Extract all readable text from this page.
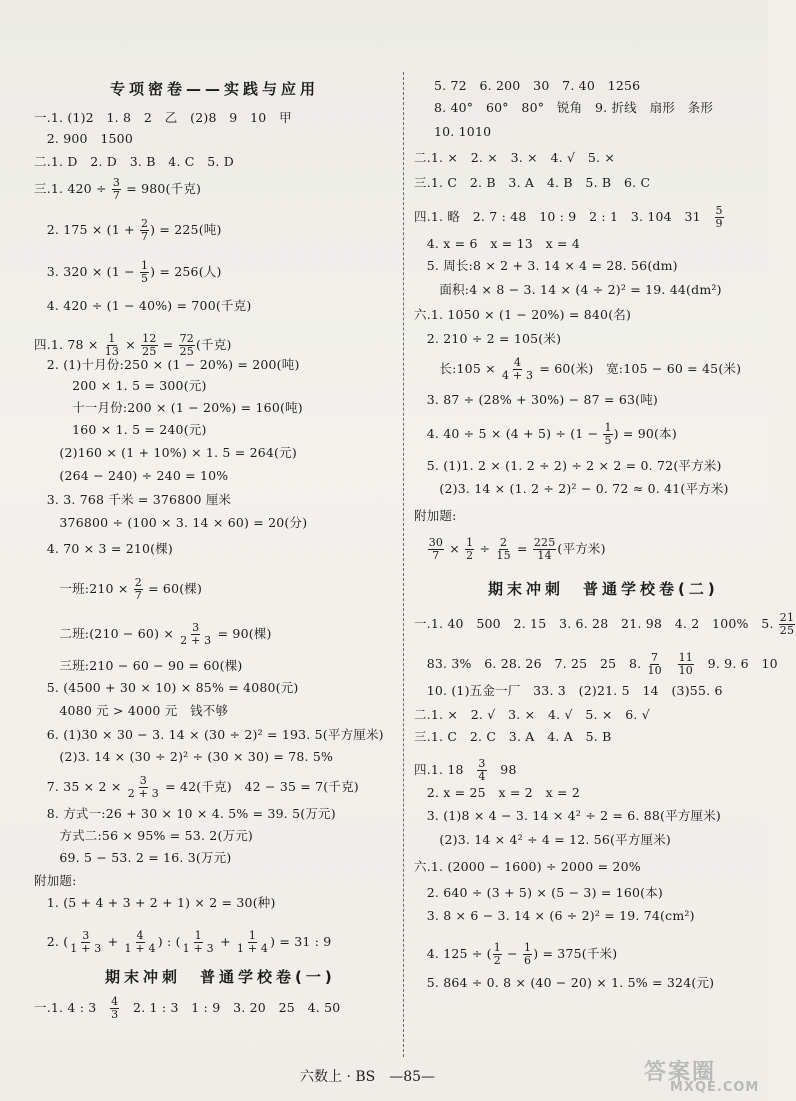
专项密卷——实践与应用
一.1. (1)2　1. 8　2　乙　(2)8　9　10　甲
　2. 900　1500
二.1. D　2. D　3. B　4. C　5. D
三.1. $420 \div \frac{3}{7} = 980$(千克)
　2. $175 \times (1 + \frac{2}{7}$ ) = 225(吨)
　3. $320 \times (1 - \frac{1}{5}$ ) = 256(人)
　4. 420 ÷ (1 − 40%) = 700(千克)
四.1. $78 \times \frac{1}{13} \times \frac{12}{25} = \frac{72}{25}$ (千克)
　2. (1)十月份:250 × (1 − 20%) = 200(吨)
　　　200 × 1. 5 = 300(元)
　　　十一月份:200 × (1 − 20%) = 160(吨)
　　　160 × 1. 5 = 240(元)
　　(2)160 × (1 + 10%) × 1. 5 = 264(元)
　　(264 − 240) ÷ 240 = 10%
　3. 3. 768 千米 = 376800 厘米
　　376800 ÷ (100 × 3. 14 × 60) = 20(分)
　4. 70 × 3 = 210(棵)
　　一班:210 × $\frac{2}{7} = 60$(棵)
　　二班:(210 − $60) \times \frac{3}{2 + 3} = 90$(棵)
　　三班:210 − 60 − 90 = 60(棵)
　5. (4500 + 30 × 10) × 85% = 4080(元)
　　4080 元 > 4000 元　钱不够
　6. (1)30 × 30 − 3. 14 × (30 ÷ 2)² = 193. 5(平方厘米)
　　(2)3. 14 × (30 ÷ 2)² ÷ (30 × 30) = 78. 5%
　7. $35 \times 2 \times \frac{3}{2 + 3} = 42$(千克)　42 − 35 = 7(千克)
　8. 方式一:26 + 30 × 10 × 4. 5% = 39. 5(万元)
　　方式二:56 × 95% = 53. 2(万元)
　　69. 5 − 53. 2 = 16. 3(万元)
附加题:
　1. (5 + 4 + 3 + 2 + 1) × 2 = 30(种)
　2. ( $\frac{3}{1 + 3} + \frac{4}{1 + 4}$ ) : ( $\frac{1}{1 + 3} + \frac{1}{1 + 4}$ ) = 31 : 9
期末冲刺　普通学校卷(一)
一.1. 4 : 3　 $\frac{4}{3}$ 　2. 1 : 3　1 : 9　3. 20　25　4. 50
5. 72　6. 200　30　7. 40　1256
8. 40°　60°　80°　锐角　9. 折线　扇形　条形
10. 1010
二.1. ×　2. ×　3. ×　4. √　5. ×
三.1. C　2. B　3. A　4. B　5. B　6. C
四.1. 略　2. 7 : 48　10 : 9　2 : 1　3. 104　31　 $\frac{5}{9}$
　4. x = 6　x = 13　x = 4
　5. 周长:8 × 2 + 3. 14 × 4 = 28. 56(dm)
　　面积:4 × 8 − 3. 14 × (4 ÷ 2)² = 19. 44(dm²)
六.1. 1050 × (1 − 20%) = 840(名)
　2. 210 ÷ 2 = 105(米)
　　长:105 × $\frac{4}{4 + 3} = 60$(米)　宽:105 − 60 = 45(米)
　3. 87 ÷ (28% + 30%) − 87 = 63(吨)
　4. $40 \div 5 \times (4 + 5) \div (1 - \frac{1}{5}$ ) = 90(本)
　5. (1)1. 2 × (1. 2 ÷ 2) ÷ 2 × 2 = 0. 72(平方米)
　　(2)3. 14 × (1. 2 ÷ 2)² − 0. 72 ≈ 0. 41(平方米)
附加题:

$\frac{30}{7} \times \frac{1}{2} \div \frac{2}{15} = \frac{225}{14}$ (平方米)
期末冲刺　普通学校卷(二)
一.1. 40　500　2. 15　3. 6. 28　21. 98　4. 2　100%　5. $\frac{21}{25}$
　83. 3%　6. 28. 26　7. 25　25　8. $\frac{7}{10}$
　 $\frac{11}{10}$ 　9. 9. 6　10
　10. (1)五金一厂　33. 3　(2)21. 5　14　(3)55. 6
二.1. ×　2. √　3. ×　4. √　5. ×　6. √
三.1. C　2. C　3. A　4. A　5. B
四.1. 18　 $\frac{3}{4}$ 　98
　2. x = 25　x = 2　x = 2
　3. (1)8 × 4 − 3. 14 × 4² ÷ 2 = 6. 88(平方厘米)
　　(2)3. 14 × 4² ÷ 4 = 12. 56(平方厘米)
六.1. (2000 − 1600) ÷ 2000 = 20%
　2. 640 ÷ (3 + 5) × (5 − 3) = 160(本)
　3. 8 × 6 − 3. 14 × (6 ÷ 2)² = 19. 74(cm²)
　4. 125 ÷ ( $\frac{1}{2} - \frac{1}{6}$ ) = 375(千米)
　5. 864 ÷ 0. 8 × (40 − 20) × 1. 5% = 324(元)
六数上 · BS　—85—	答案圈
MXQE.COM
